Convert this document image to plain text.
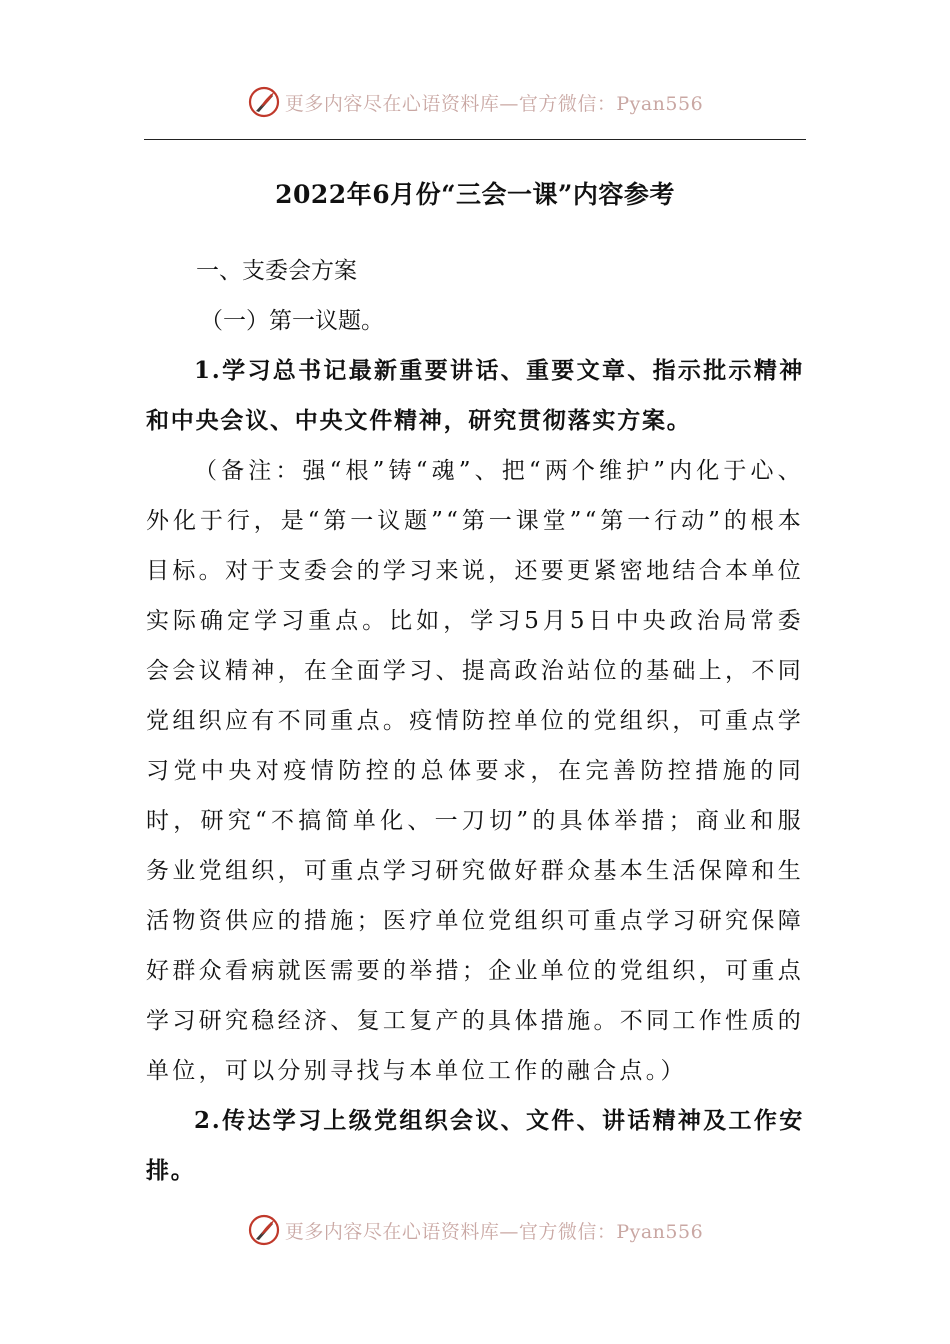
更多内容尽在心语资料库—官方微信：Pyan556
2022年6月份“三会一课”内容参考

一、支委会方案

（一）第一议题。

1.学习总书记最新重要讲话、重要文章、指示批示精神和中央会议、中央文件精神，研究贯彻落实方案。

（备注：强“根”铸“魂”、把“两个维护”内化于心、外化于行，是“第一议题”“第一课堂”“第一行动”的根本目标。对于支委会的学习来说，还要更紧密地结合本单位实际确定学习重点。比如，学习5月5日中央政治局常委会会议精神，在全面学习、提高政治站位的基础上，不同党组织应有不同重点。疫情防控单位的党组织，可重点学习党中央对疫情防控的总体要求，在完善防控措施的同时，研究“不搞简单化、一刀切”的具体举措；商业和服务业党组织，可重点学习研究做好群众基本生活保障和生活物资供应的措施；医疗单位党组织可重点学习研究保障好群众看病就医需要的举措；企业单位的党组织，可重点学习研究稳经济、复工复产的具体措施。不同工作性质的单位，可以分别寻找与本单位工作的融合点。）

2.传达学习上级党组织会议、文件、讲话精神及工作安排。

更多内容尽在心语资料库—官方微信：Pyan556
